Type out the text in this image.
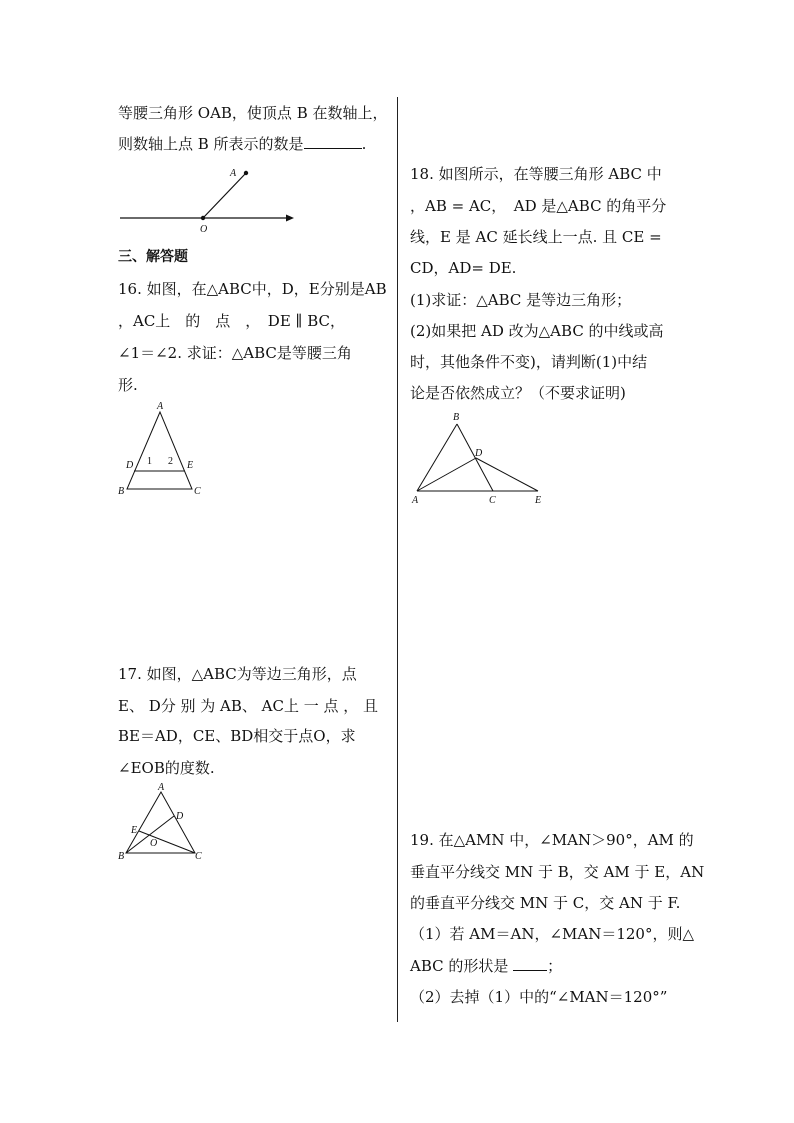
等腰三角形 OAB，使顶点 B 在数轴上，

则数轴上点 B 所表示的数是	.

A
O

三、解答题

16. 如图，在△ABC中，D，E分别是AB

，AC上　的　点　，　DE ∥ BC，

∠1＝∠2. 求证：△ABC是等腰三角

形.

A
D	E
1 2
B	C

17. 如图，△ABC为等边三角形，点

E、 D分 别 为 AB、 AC上 一 点 ， 且

BE＝AD，CE、BD相交于点O，求

∠EOB的度数.

A
D
E
O
B	C

18. 如图所示，在等腰三角形 ABC 中

，AB = AC，　AD 是△ABC 的角平分

线，E 是 AC 延长线上一点. 且 CE =

CD，AD= DE.

(1)求证：△ABC 是等边三角形；

(2)如果把 AD 改为△ABC 的中线或高

时，其他条件不变)，请判断(1)中结

论是否依然成立？（不要求证明)

B
D
A	C	E

19. 在△AMN 中，∠MAN＞90°，AM 的

垂直平分线交 MN 于 B，交 AM 于 E，AN

的垂直平分线交 MN 于 C，交 AN 于 F.

（1）若 AM＝AN，∠MAN＝120°，则△

ABC 的形状是	；

（2）去掉（1）中的“∠MAN＝120°”
